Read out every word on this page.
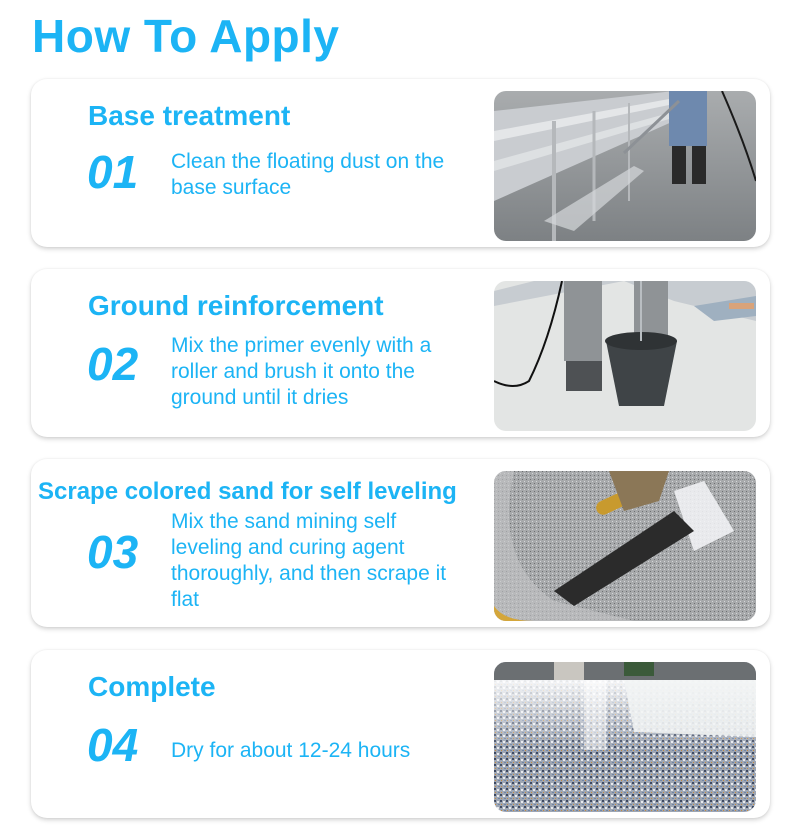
How To Apply
Base treatment
01 Clean the floating dust on the base surface
Ground reinforcement
02 Mix the primer evenly with a roller and brush it onto the ground until it dries
Scrape colored sand for self leveling
03
Mix the sand mining self leveling and curing agent thoroughly, and then scrape it flat
Complete
04 Dry for about 12-24 hours
